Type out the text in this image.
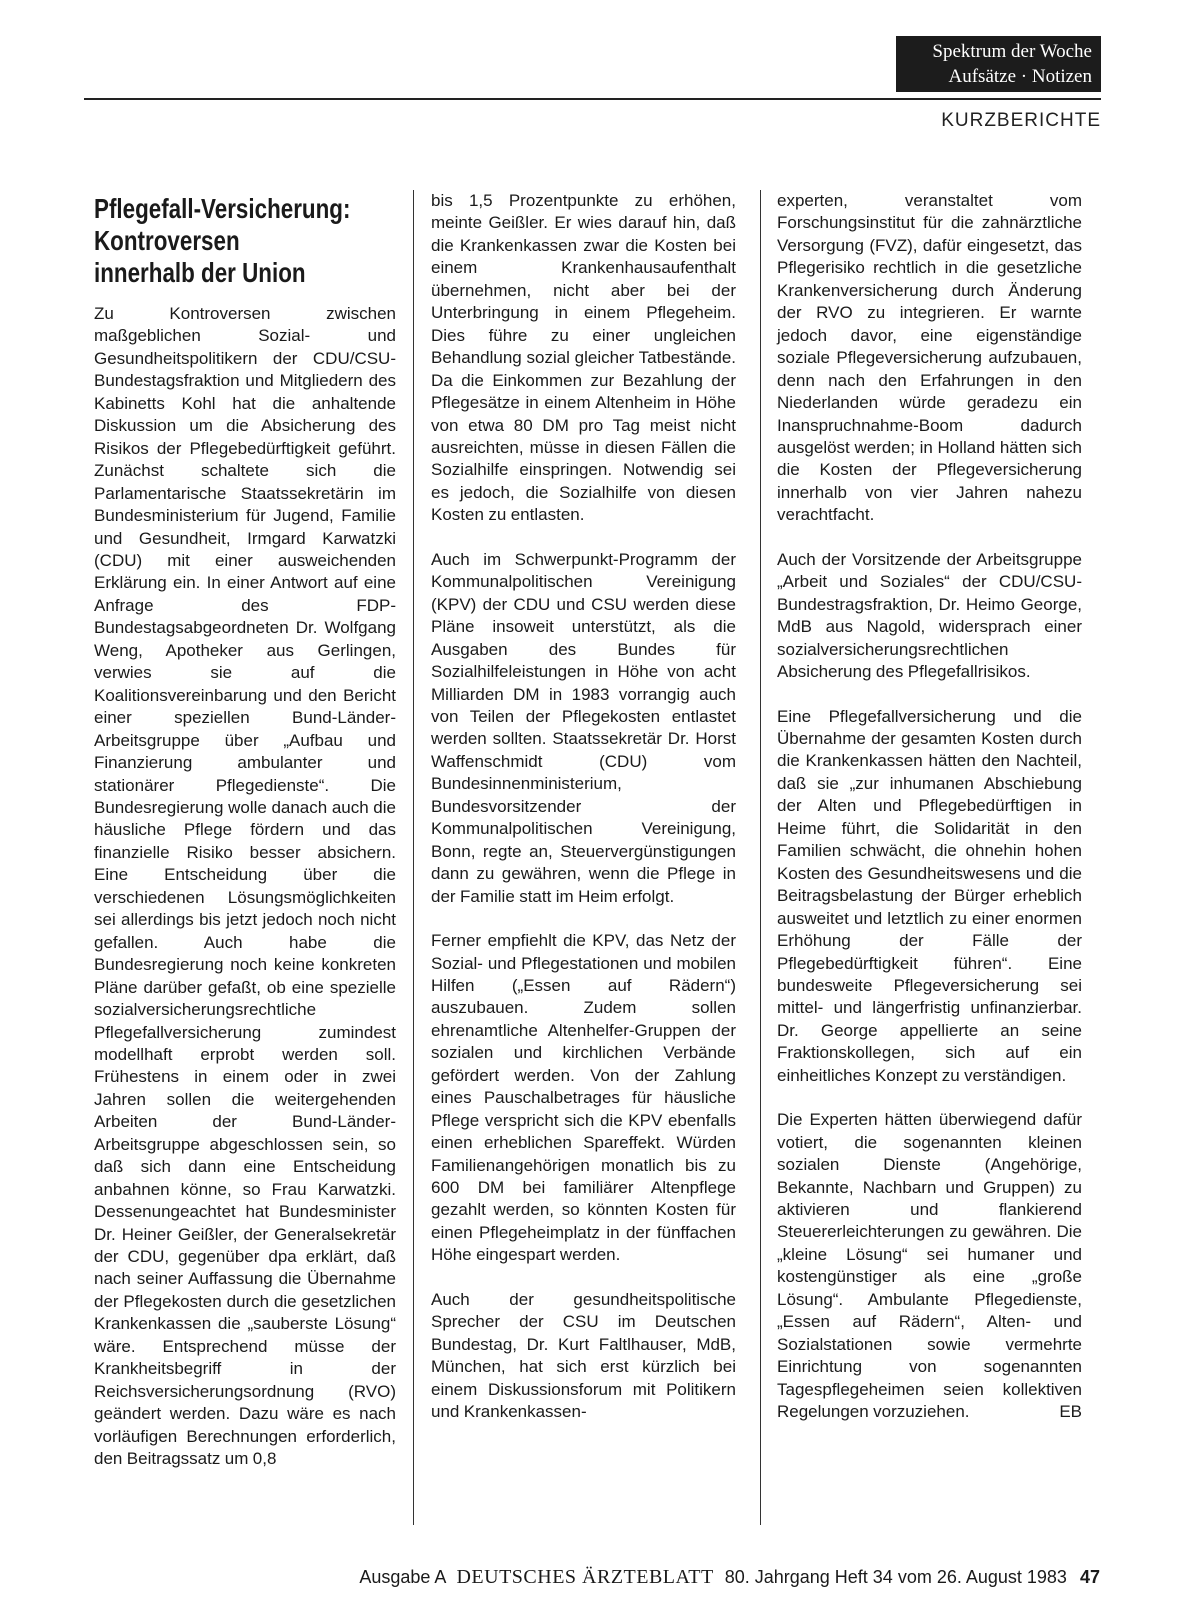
Spektrum der Woche
Aufsätze · Notizen
KURZBERICHTE
Pflegefall-Versicherung:
Kontroversen
innerhalb der Union

Zu Kontroversen zwischen maßgeblichen Sozial- und Gesundheitspolitikern der CDU/CSU-Bundestagsfraktion und Mitgliedern des Kabinetts Kohl hat die anhaltende Diskussion um die Absicherung des Risikos der Pflegebedürftigkeit geführt. Zunächst schaltete sich die Parlamentarische Staatssekretärin im Bundesministerium für Jugend, Familie und Gesundheit, Irmgard Karwatzki (CDU) mit einer ausweichenden Erklärung ein. In einer Antwort auf eine Anfrage des FDP-Bundestagsabgeordneten Dr. Wolfgang Weng, Apotheker aus Gerlingen, verwies sie auf die Koalitionsvereinbarung und den Bericht einer speziellen Bund-Länder-Arbeitsgruppe über „Aufbau und Finanzierung ambulanter und stationärer Pflegedienste“. Die Bundesregierung wolle danach auch die häusliche Pflege fördern und das finanzielle Risiko besser absichern. Eine Entscheidung über die verschiedenen Lösungsmöglichkeiten sei allerdings bis jetzt jedoch noch nicht gefallen. Auch habe die Bundesregierung noch keine konkreten Pläne darüber gefaßt, ob eine spezielle sozialversicherungsrechtliche Pflegefallversicherung zumindest modellhaft erprobt werden soll. Frühestens in einem oder in zwei Jahren sollen die weitergehenden Arbeiten der Bund-Länder-Arbeitsgruppe abgeschlossen sein, so daß sich dann eine Entscheidung anbahnen könne, so Frau Karwatzki. Dessenungeachtet hat Bundesminister Dr. Heiner Geißler, der Generalsekretär der CDU, gegenüber dpa erklärt, daß nach seiner Auffassung die Übernahme der Pflegekosten durch die gesetzlichen Krankenkassen die „sauberste Lösung“ wäre. Entsprechend müsse der Krankheitsbegriff in der Reichsversicherungsordnung (RVO) geändert werden. Dazu wäre es nach vorläufigen Berechnungen erforderlich, den Beitragssatz um 0,8

bis 1,5 Prozentpunkte zu erhöhen, meinte Geißler. Er wies darauf hin, daß die Krankenkassen zwar die Kosten bei einem Krankenhausaufenthalt übernehmen, nicht aber bei der Unterbringung in einem Pflegeheim. Dies führe zu einer ungleichen Behandlung sozial gleicher Tatbestände. Da die Einkommen zur Bezahlung der Pflegesätze in einem Altenheim in Höhe von etwa 80 DM pro Tag meist nicht ausreichten, müsse in diesen Fällen die Sozialhilfe einspringen. Notwendig sei es jedoch, die Sozialhilfe von diesen Kosten zu entlasten.

Auch im Schwerpunkt-Programm der Kommunalpolitischen Vereinigung (KPV) der CDU und CSU werden diese Pläne insoweit unterstützt, als die Ausgaben des Bundes für Sozialhilfeleistungen in Höhe von acht Milliarden DM in 1983 vorrangig auch von Teilen der Pflegekosten entlastet werden sollten. Staatssekretär Dr. Horst Waffenschmidt (CDU) vom Bundesinnenministerium, Bundesvorsitzender der Kommunalpolitischen Vereinigung, Bonn, regte an, Steuervergünstigungen dann zu gewähren, wenn die Pflege in der Familie statt im Heim erfolgt.

Ferner empfiehlt die KPV, das Netz der Sozial- und Pflegestationen und mobilen Hilfen („Essen auf Rädern“) auszubauen. Zudem sollen ehrenamtliche Altenhelfer-Gruppen der sozialen und kirchlichen Verbände gefördert werden. Von der Zahlung eines Pauschalbetrages für häusliche Pflege verspricht sich die KPV ebenfalls einen erheblichen Spareffekt. Würden Familienangehörigen monatlich bis zu 600 DM bei familiärer Altenpflege gezahlt werden, so könnten Kosten für einen Pflegeheimplatz in der fünffachen Höhe eingespart werden.

Auch der gesundheitspolitische Sprecher der CSU im Deutschen Bundestag, Dr. Kurt Faltlhauser, MdB, München, hat sich erst kürzlich bei einem Diskussionsforum mit Politikern und Krankenkassen-

experten, veranstaltet vom Forschungsinstitut für die zahnärztliche Versorgung (FVZ), dafür eingesetzt, das Pflegerisiko rechtlich in die gesetzliche Krankenversicherung durch Änderung der RVO zu integrieren. Er warnte jedoch davor, eine eigenständige soziale Pflegeversicherung aufzubauen, denn nach den Erfahrungen in den Niederlanden würde geradezu ein Inanspruchnahme-Boom dadurch ausgelöst werden; in Holland hätten sich die Kosten der Pflegeversicherung innerhalb von vier Jahren nahezu verachtfacht.

Auch der Vorsitzende der Arbeitsgruppe „Arbeit und Soziales“ der CDU/CSU-Bundestragsfraktion, Dr. Heimo George, MdB aus Nagold, widersprach einer sozialversicherungsrechtlichen Absicherung des Pflegefallrisikos.

Eine Pflegefallversicherung und die Übernahme der gesamten Kosten durch die Krankenkassen hätten den Nachteil, daß sie „zur inhumanen Abschiebung der Alten und Pflegebedürftigen in Heime führt, die Solidarität in den Familien schwächt, die ohnehin hohen Kosten des Gesundheitswesens und die Beitragsbelastung der Bürger erheblich ausweitet und letztlich zu einer enormen Erhöhung der Fälle der Pflegebedürftigkeit führen“. Eine bundesweite Pflegeversicherung sei mittel- und längerfristig unfinanzierbar. Dr. George appellierte an seine Fraktionskollegen, sich auf ein einheitliches Konzept zu verständigen.

Die Experten hätten überwiegend dafür votiert, die sogenannten kleinen sozialen Dienste (Angehörige, Bekannte, Nachbarn und Gruppen) zu aktivieren und flankierend Steuererleichterungen zu gewähren. Die „kleine Lösung“ sei humaner und kostengünstiger als eine „große Lösung“. Ambulante Pflegedienste, „Essen auf Rädern“, Alten- und Sozialstationen sowie vermehrte Einrichtung von sogenannten Tagespflegeheimen seien kollektiven Regelungen vorzuziehen.	EB

Ausgabe A DEUTSCHES ÄRZTEBLATT 80. Jahrgang Heft 34 vom 26. August 1983 47
